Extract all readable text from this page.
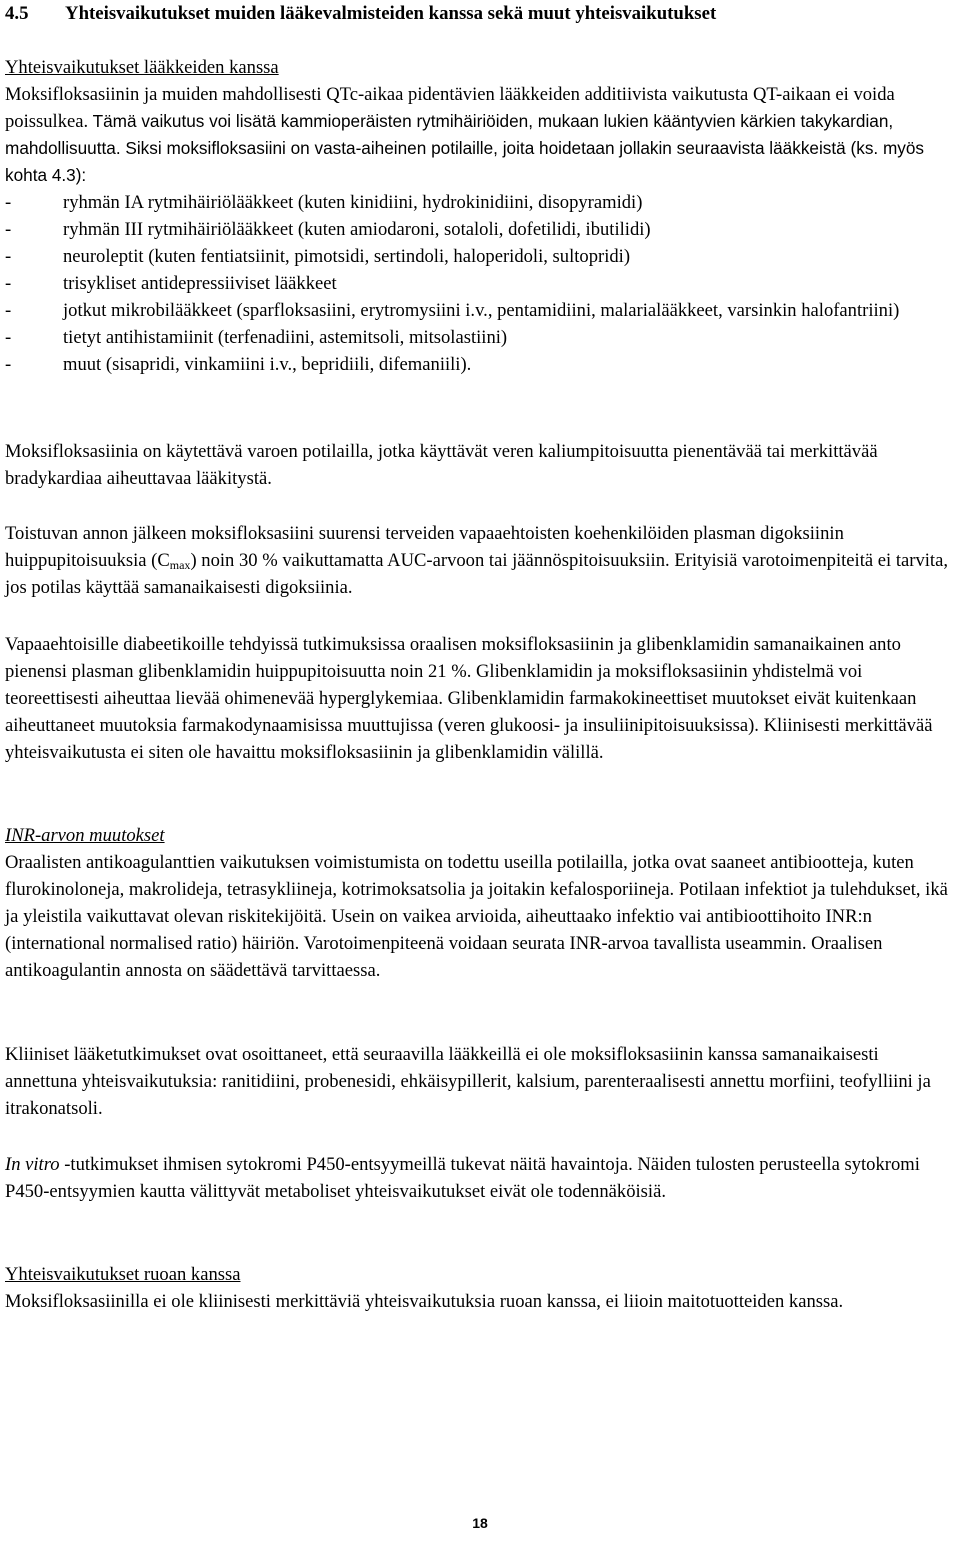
4.5 Yhteisvaikutukset muiden lääkevalmisteiden kanssa sekä muut yhteisvaikutukset

Yhteisvaikutukset lääkkeiden kanssa

Moksifloksasiinin ja muiden mahdollisesti QTc-aikaa pidentävien lääkkeiden additiivista vaikutusta QT-aikaan ei voida poissulkea. Tämä vaikutus voi lisätä kammioperäisten rytmihäiriöiden, mukaan lukien kääntyvien kärkien takykardian, mahdollisuutta. Siksi moksifloksasiini on vasta-aiheinen potilaille, joita hoidetaan jollakin seuraavista lääkkeistä (ks. myös kohta 4.3):

-	ryhmän IA rytmihäiriölääkkeet (kuten kinidiini, hydrokinidiini, disopyramidi)
-	ryhmän III rytmihäiriölääkkeet (kuten amiodaroni, sotaloli, dofetilidi, ibutilidi)
-	neuroleptit (kuten fentiatsiinit, pimotsidi, sertindoli, haloperidoli, sultopridi)
-	trisykliset antidepressiiviset lääkkeet
-	jotkut mikrobilääkkeet (sparfloksasiini, erytromysiini i.v., pentamidiini, malarialääkkeet, varsinkin halofantriini)
-	tietyt antihistamiinit (terfenadiini, astemitsoli, mitsolastiini)
-	muut (sisapridi, vinkamiini i.v., bepridiili, difemaniili).

Moksifloksasiinia on käytettävä varoen potilailla, jotka käyttävät veren kaliumpitoisuutta pienentävää tai merkittävää bradykardiaa aiheuttavaa lääkitystä.

Toistuvan annon jälkeen moksifloksasiini suurensi terveiden vapaaehtoisten koehenkilöiden plasman digoksiinin huippupitoisuuksia $(C_{max})$ noin 30 % vaikuttamatta AUC-arvoon tai jäännöspitoisuuksiin. Erityisiä varotoimenpiteitä ei tarvita, jos potilas käyttää samanaikaisesti digoksiinia.

Vapaaehtoisille diabeetikoille tehdyissä tutkimuksissa oraalisen moksifloksasiinin ja glibenklamidin samanaikainen anto pienensi plasman glibenklamidin huippupitoisuutta noin 21 %. Glibenklamidin ja moksifloksasiinin yhdistelmä voi teoreettisesti aiheuttaa lievää ohimenevää hyperglykemiaa. Glibenklamidin farmakokineettiset muutokset eivät kuitenkaan aiheuttaneet muutoksia farmakodynaamisissa muuttujissa (veren glukoosi- ja insuliinipitoisuuksissa). Kliinisesti merkittävää yhteisvaikutusta ei siten ole havaittu moksifloksasiinin ja glibenklamidin välillä.

INR-arvon muutokset

Oraalisten antikoagulanttien vaikutuksen voimistumista on todettu useilla potilailla, jotka ovat saaneet antibiootteja, kuten flurokinoloneja, makrolideja, tetrasykliineja, kotrimoksatsolia ja joitakin kefalosporiineja. Potilaan infektiot ja tulehdukset, ikä ja yleistila vaikuttavat olevan riskitekijöitä. Usein on vaikea arvioida, aiheuttaako infektio vai antibioottihoito INR:n (international normalised ratio) häiriön. Varotoimenpiteenä voidaan seurata INR-arvoa tavallista useammin. Oraalisen antikoagulantin annosta on säädettävä tarvittaessa.

Kliiniset lääketutkimukset ovat osoittaneet, että seuraavilla lääkkeillä ei ole moksifloksasiinin kanssa samanaikaisesti annettuna yhteisvaikutuksia: ranitidiini, probenesidi, ehkäisypillerit, kalsium, parenteraalisesti annettu morfiini, teofylliini ja itrakonatsoli.

In vitro -tutkimukset ihmisen sytokromi P450-entsyymeillä tukevat näitä havaintoja. Näiden tulosten perusteella sytokromi P450-entsyymien kautta välittyvät metaboliset yhteisvaikutukset eivät ole todennäköisiä.

Yhteisvaikutukset ruoan kanssa

Moksifloksasiinilla ei ole kliinisesti merkittäviä yhteisvaikutuksia ruoan kanssa, ei liioin maitotuotteiden kanssa.

18
